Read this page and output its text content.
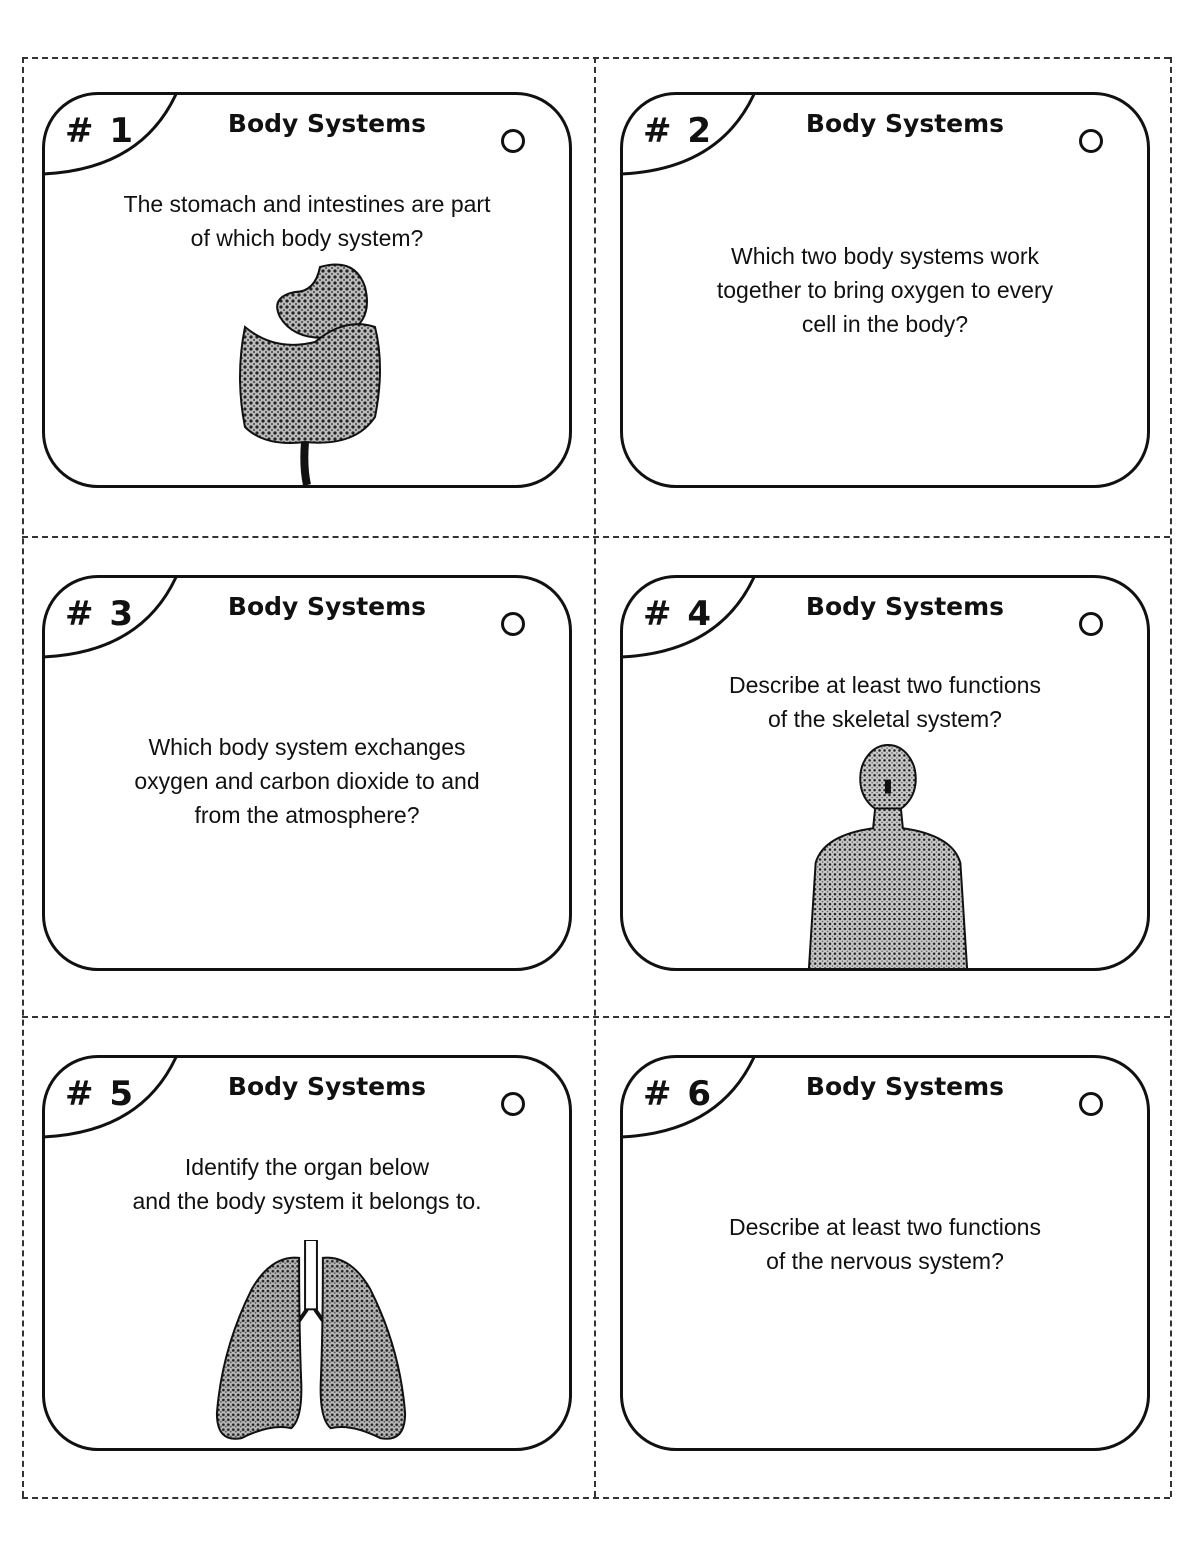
# 1	Body Systems
The stomach and intestines are part
of which body system?
# 2	Body Systems
Which two body systems work
together to bring oxygen to every
cell in the body?
# 3	Body Systems
Which body system exchanges
oxygen and carbon dioxide to and
from the atmosphere?
# 4	Body Systems
Describe at least two functions
of the skeletal system?
# 5	Body Systems
Identify the organ below
and the body system it belongs to.
# 6	Body Systems
Describe at least two functions
of the nervous system?
